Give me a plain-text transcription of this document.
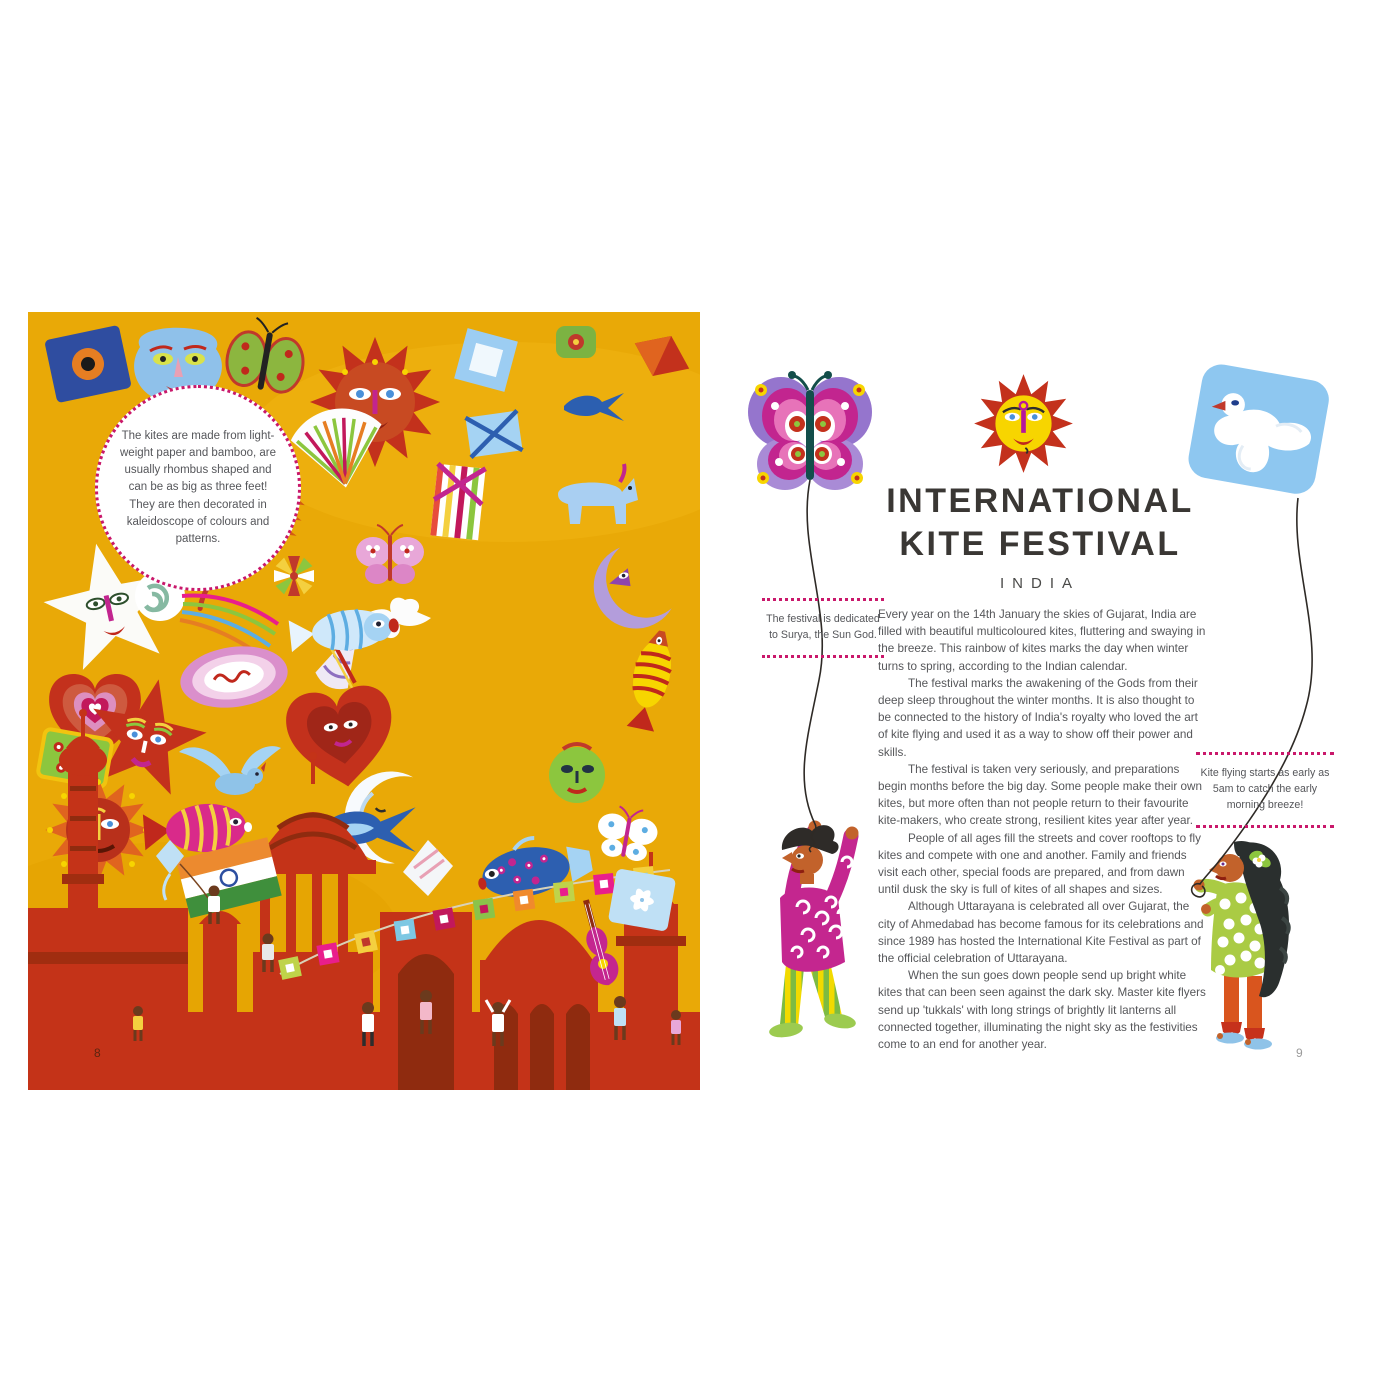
The kites are made from light-weight paper and bamboo, are usually rhombus shaped and can be as big as three feet! They are then decorated in kaleidoscope of colours and patterns.
8
INTERNATIONAL
KITE FESTIVAL
INDIA

Every year on the 14th January the skies of Gujarat, India are filled with beautiful multicoloured kites, fluttering and swaying in the breeze. This rainbow of kites marks the day when winter turns to spring, according to the Indian calendar.

The festival marks the awakening of the Gods from their deep sleep throughout the winter months. It is also thought to be connected to the history of India's royalty who loved the art of kite flying and used it as a way to show off their power and skills.

The festival is taken very seriously, and preparations begin months before the big day. Some people make their own kites, but more often than not people return to their favourite kite-makers, who create strong, resilient kites year after year.

People of all ages fill the streets and cover rooftops to fly kites and compete with one and another. Family and friends visit each other, special foods are prepared, and from dawn until dusk the sky is full of kites of all shapes and sizes.

Although Uttarayana is celebrated all over Gujarat, the city of Ahmedabad has become famous for its celebrations and since 1989 has hosted the International Kite Festival as part of the official celebration of Uttarayana.

When the sun goes down people send up bright white kites that can been seen against the dark sky. Master kite flyers send up 'tukkals' with long strings of brightly lit lanterns all connected together, illuminating the night sky as the festivities come to an end for another year.

The festival is dedicated to Surya, the Sun God.
Kite flying starts as early as 5am to catch the early morning breeze!
9
